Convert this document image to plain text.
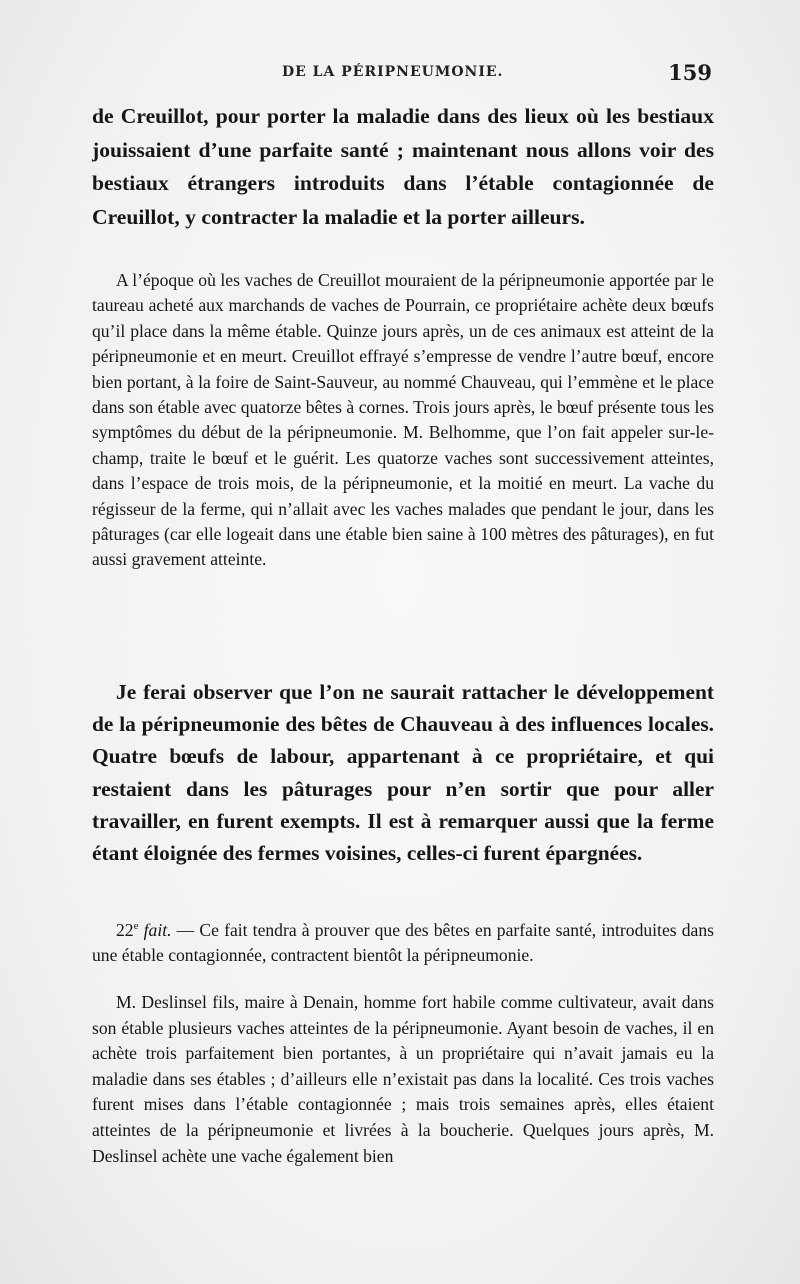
DE LA PÉRIPNEUMONIE.	159

de Creuillot, pour porter la maladie dans des lieux où les bestiaux jouissaient d’une parfaite santé ; maintenant nous allons voir des bestiaux étrangers introduits dans l’étable contagionnée de Creuillot, y contracter la maladie et la porter ailleurs.

A l’époque où les vaches de Creuillot mouraient de la péripneumonie apportée par le taureau acheté aux marchands de vaches de Pourrain, ce propriétaire achète deux bœufs qu’il place dans la même étable. Quinze jours après, un de ces animaux est atteint de la péripneumonie et en meurt. Creuillot effrayé s’empresse de vendre l’autre bœuf, encore bien portant, à la foire de Saint-Sauveur, au nommé Chauveau, qui l’emmène et le place dans son étable avec quatorze bêtes à cornes. Trois jours après, le bœuf présente tous les symptômes du début de la péripneumonie. M. Belhomme, que l’on fait appeler sur-le-champ, traite le bœuf et le guérit. Les quatorze vaches sont successivement atteintes, dans l’espace de trois mois, de la péripneumonie, et la moitié en meurt. La vache du régisseur de la ferme, qui n’allait avec les vaches malades que pendant le jour, dans les pâturages (car elle logeait dans une étable bien saine à 100 mètres des pâturages), en fut aussi gravement atteinte.

Je ferai observer que l’on ne saurait rattacher le développement de la péripneumonie des bêtes de Chauveau à des influences locales. Quatre bœufs de labour, appartenant à ce propriétaire, et qui restaient dans les pâturages pour n’en sortir que pour aller travailler, en furent exempts. Il est à remarquer aussi que la ferme étant éloignée des fermes voisines, celles-ci furent épargnées.

22e fait. — Ce fait tendra à prouver que des bêtes en parfaite santé, introduites dans une étable contagionnée, contractent bientôt la péripneumonie.

M. Deslinsel fils, maire à Denain, homme fort habile comme cultivateur, avait dans son étable plusieurs vaches atteintes de la péripneumonie. Ayant besoin de vaches, il en achète trois parfaitement bien portantes, à un propriétaire qui n’avait jamais eu la maladie dans ses étables ; d’ailleurs elle n’existait pas dans la localité. Ces trois vaches furent mises dans l’étable contagionnée ; mais trois semaines après, elles étaient atteintes de la péripneumonie et livrées à la boucherie. Quelques jours après, M. Deslinsel achète une vache également bien
